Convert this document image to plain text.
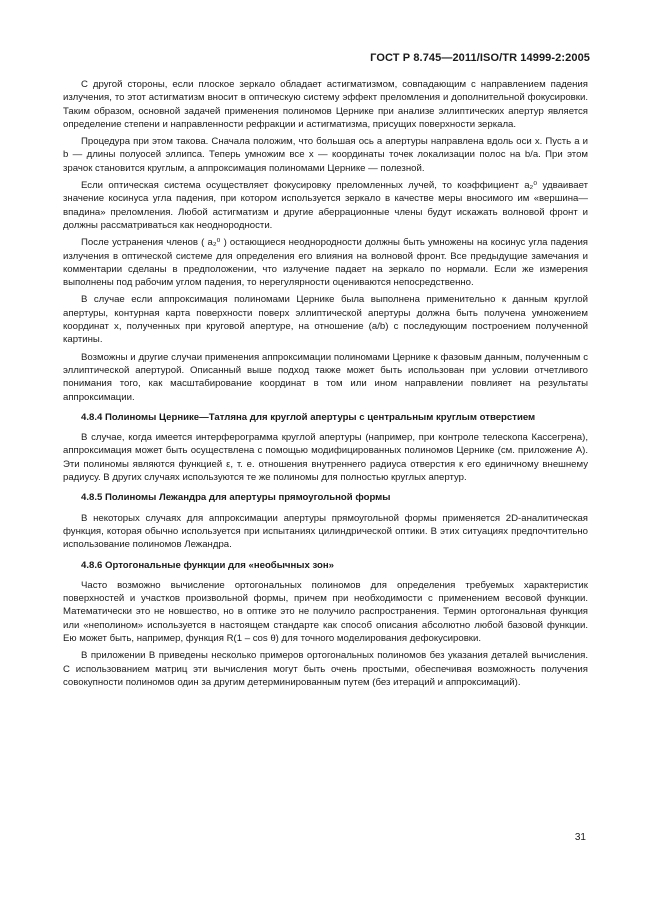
ГОСТ Р 8.745—2011/ISO/TR 14999-2:2005

С другой стороны, если плоское зеркало обладает астигматизмом, совпадающим с направлением падения излучения, то этот астигматизм вносит в оптическую систему эффект преломления и дополнительной фокусировки. Таким образом, основной задачей применения полиномов Цернике при анализе эллиптических апертур является определение степени и направленности рефракции и астигматизма, присущих поверхности зеркала.

Процедура при этом такова. Сначала положим, что большая ось a апертуры направлена вдоль оси x. Пусть a и b — длины полуосей эллипса. Теперь умножим все x — координаты точек локализации полос на b/a. При этом зрачок становится круглым, а аппроксимация полиномами Цернике — полезной.

Если оптическая система осуществляет фокусировку преломленных лучей, то коэффициент a₂⁰ удваивает значение косинуса угла падения, при котором используется зеркало в качестве меры вносимого им «вершина—впадина» преломления. Любой астигматизм и другие аберрационные члены будут искажать волновой фронт и должны рассматриваться как неоднородности.

После устранения членов ( a₂⁰ ) остающиеся неоднородности должны быть умножены на косинус угла падения излучения в оптической системе для определения его влияния на волновой фронт. Все предыдущие замечания и комментарии сделаны в предположении, что излучение падает на зеркало по нормали. Если же измерения выполнены под рабочим углом падения, то нерегулярности оцениваются непосредственно.

В случае если аппроксимация полиномами Цернике была выполнена применительно к данным круглой апертуры, контурная карта поверхности поверх эллиптической апертуры должна быть получена умножением координат x, полученных при круговой апертуре, на отношение (a/b) с последующим построением полученной картины.

Возможны и другие случаи применения аппроксимации полиномами Цернике к фазовым данным, полученным с эллиптической апертурой. Описанный выше подход также может быть использован при условии отчетливого понимания того, как масштабирование координат в том или ином направлении повлияет на результаты аппроксимации.

4.8.4 Полиномы Цернике—Татляна для круглой апертуры с центральным круглым отверстием

В случае, когда имеется интерферограмма круглой апертуры (например, при контроле телескопа Кассегрена), аппроксимация может быть осуществлена с помощью модифицированных полиномов Цернике (см. приложение А). Эти полиномы являются функцией ε, т. е. отношения внутреннего радиуса отверстия к его единичному внешнему радиусу. В других случаях используются те же полиномы для полностью круглых апертур.

4.8.5 Полиномы Лежандра для апертуры прямоугольной формы

В некоторых случаях для аппроксимации апертуры прямоугольной формы применяется 2D-аналитическая функция, которая обычно используется при испытаниях цилиндрической оптики. В этих ситуациях предпочтительно использование полиномов Лежандра.

4.8.6 Ортогональные функции для «необычных зон»

Часто возможно вычисление ортогональных полиномов для определения требуемых характеристик поверхностей и участков произвольной формы, причем при необходимости с применением весовой функции. Математически это не новшество, но в оптике это не получило распространения. Термин ортогональная функция или «неполином» используется в настоящем стандарте как способ описания абсолютно любой базовой функции. Ею может быть, например, функция R(1 – cos θ) для точного моделирования дефокусировки.

В приложении В приведены несколько примеров ортогональных полиномов без указания деталей вычисления. С использованием матриц эти вычисления могут быть очень простыми, обеспечивая возможность получения совокупности полиномов один за другим детерминированным путем (без итераций и аппроксимаций).

31
